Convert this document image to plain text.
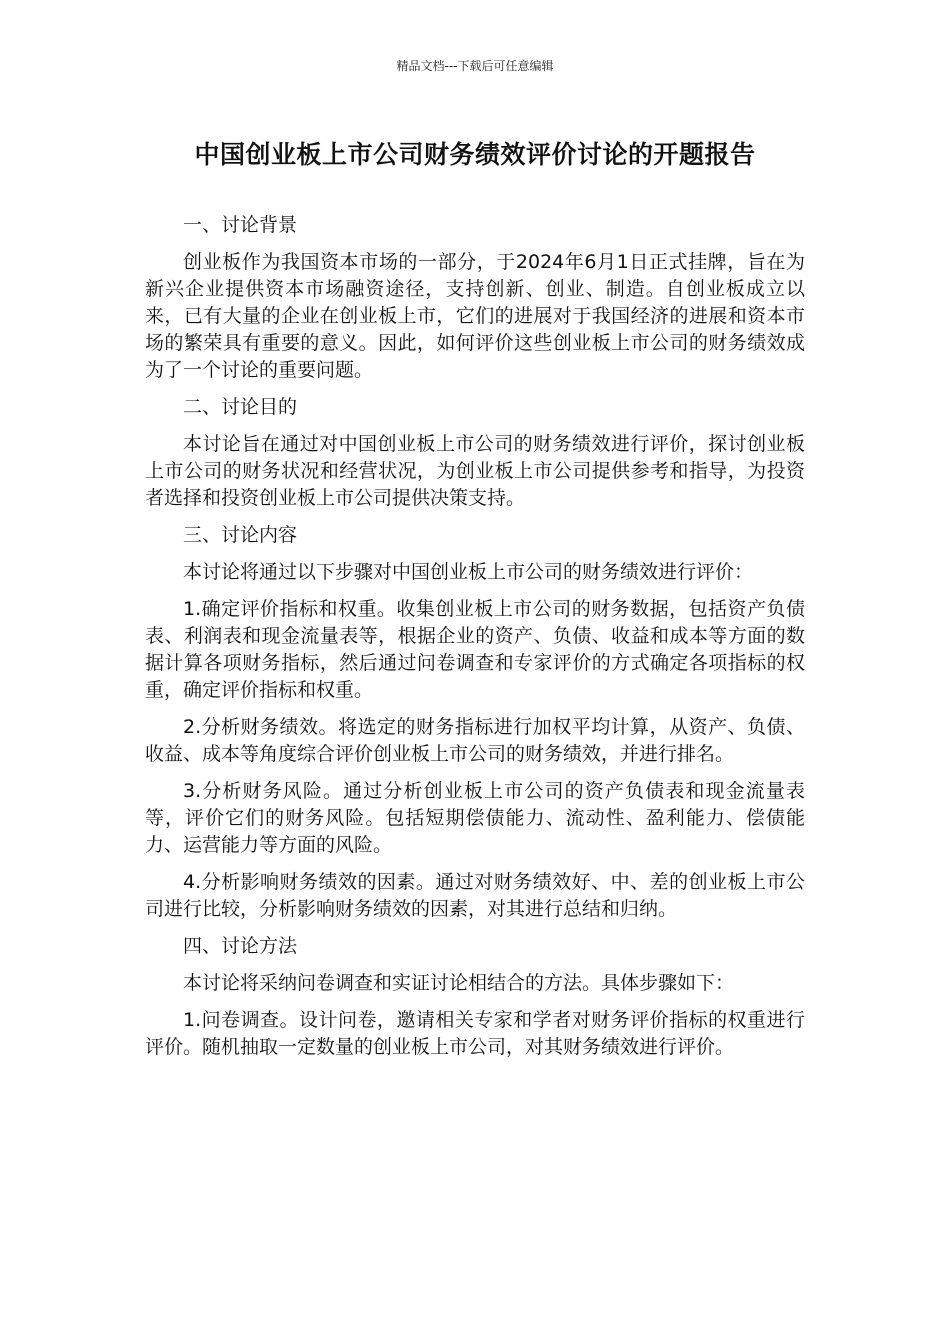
精品文档---下载后可任意编辑
中国创业板上市公司财务绩效评价讨论的开题报告

一、讨论背景

创业板作为我国资本市场的一部分，于2024年6月1日正式挂牌，旨在为新兴企业提供资本市场融资途径，支持创新、创业、制造。自创业板成立以来，已有大量的企业在创业板上市，它们的进展对于我国经济的进展和资本市场的繁荣具有重要的意义。因此，如何评价这些创业板上市公司的财务绩效成为了一个讨论的重要问题。

二、讨论目的

本讨论旨在通过对中国创业板上市公司的财务绩效进行评价，探讨创业板上市公司的财务状况和经营状况，为创业板上市公司提供参考和指导，为投资者选择和投资创业板上市公司提供决策支持。

三、讨论内容

本讨论将通过以下步骤对中国创业板上市公司的财务绩效进行评价：

1.确定评价指标和权重。收集创业板上市公司的财务数据，包括资产负债表、利润表和现金流量表等，根据企业的资产、负债、收益和成本等方面的数据计算各项财务指标，然后通过问卷调查和专家评价的方式确定各项指标的权重，确定评价指标和权重。

2.分析财务绩效。将选定的财务指标进行加权平均计算，从资产、负债、收益、成本等角度综合评价创业板上市公司的财务绩效，并进行排名。

3.分析财务风险。通过分析创业板上市公司的资产负债表和现金流量表等，评价它们的财务风险。包括短期偿债能力、流动性、盈利能力、偿债能力、运营能力等方面的风险。

4.分析影响财务绩效的因素。通过对财务绩效好、中、差的创业板上市公司进行比较，分析影响财务绩效的因素，对其进行总结和归纳。

四、讨论方法

本讨论将采纳问卷调查和实证讨论相结合的方法。具体步骤如下：

1.问卷调查。设计问卷，邀请相关专家和学者对财务评价指标的权重进行评价。随机抽取一定数量的创业板上市公司，对其财务绩效进行评价。
